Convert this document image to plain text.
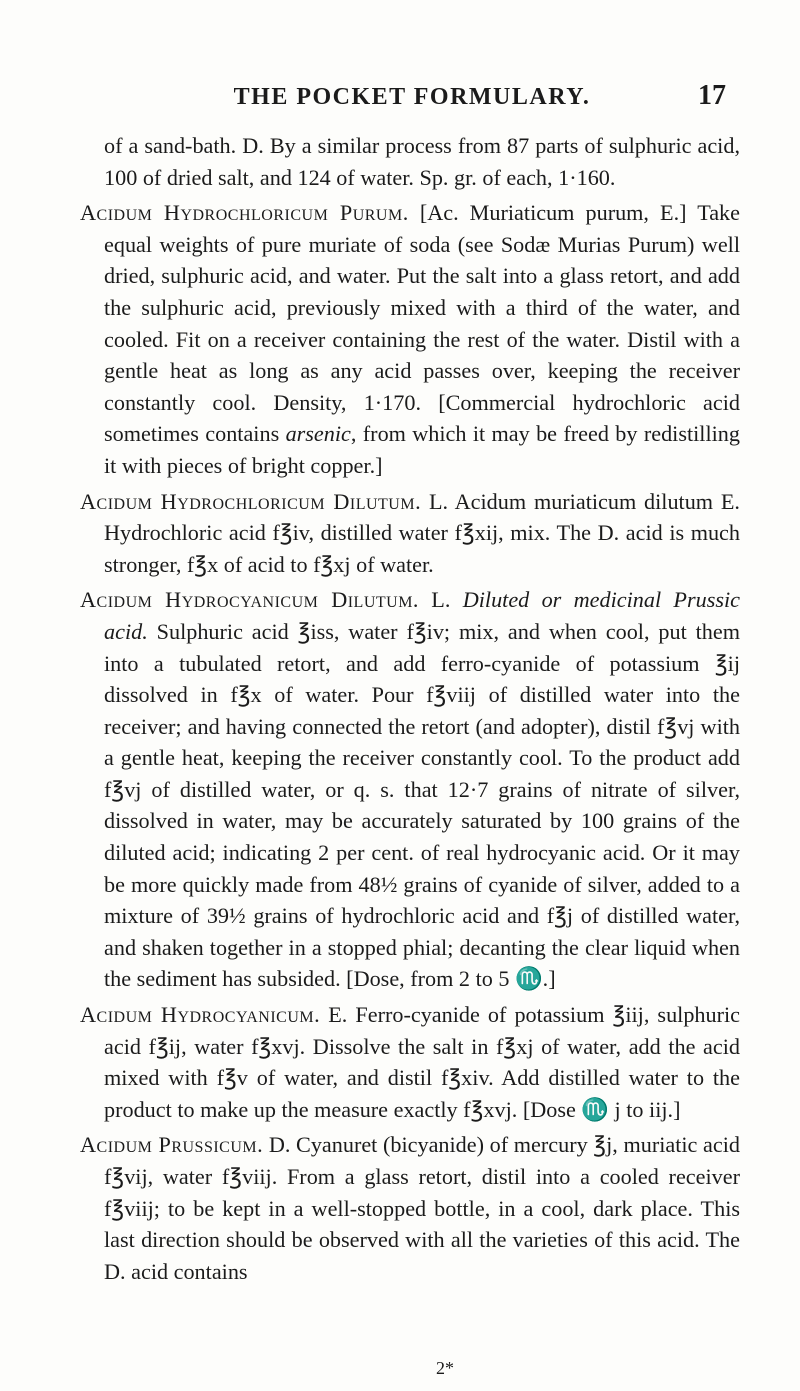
THE POCKET FORMULARY.	17

of a sand-bath. D. By a similar process from 87 parts of sulphuric acid, 100 of dried salt, and 124 of water. Sp. gr. of each, 1·160.

Acidum Hydrochloricum Purum. [Ac. Muriaticum purum, E.] Take equal weights of pure muriate of soda (see Sodæ Murias Purum) well dried, sulphuric acid, and water. Put the salt into a glass retort, and add the sulphuric acid, previously mixed with a third of the water, and cooled. Fit on a receiver containing the rest of the water. Distil with a gentle heat as long as any acid passes over, keeping the receiver constantly cool. Density, 1·170. [Commercial hydrochloric acid sometimes contains arsenic, from which it may be freed by redistilling it with pieces of bright copper.]

Acidum Hydrochloricum Dilutum. L. Acidum muriaticum dilutum E. Hydrochloric acid f℥iv, distilled water f℥xij, mix. The D. acid is much stronger, f℥x of acid to f℥xj of water.

Acidum Hydrocyanicum Dilutum. L. Diluted or medicinal Prussic acid. Sulphuric acid ℥iss, water f℥iv; mix, and when cool, put them into a tubulated retort, and add ferro-cyanide of potassium ℥ij dissolved in f℥x of water. Pour f℥viij of distilled water into the receiver; and having connected the retort (and adopter), distil f℥vj with a gentle heat, keeping the receiver constantly cool. To the product add f℥vj of distilled water, or q. s. that 12·7 grains of nitrate of silver, dissolved in water, may be accurately saturated by 100 grains of the diluted acid; indicating 2 per cent. of real hydrocyanic acid. Or it may be more quickly made from 48½ grains of cyanide of silver, added to a mixture of 39½ grains of hydrochloric acid and f℥j of distilled water, and shaken together in a stopped phial; decanting the clear liquid when the sediment has subsided. [Dose, from 2 to 5 ♏.]

Acidum Hydrocyanicum. E. Ferro-cyanide of potassium ℥iij, sulphuric acid f℥ij, water f℥xvj. Dissolve the salt in f℥xj of water, add the acid mixed with f℥v of water, and distil f℥xiv. Add distilled water to the product to make up the measure exactly f℥xvj. [Dose ♏ j to iij.]

Acidum Prussicum. D. Cyanuret (bicyanide) of mercury ℥j, muriatic acid f℥vij, water f℥viij. From a glass retort, distil into a cooled receiver f℥viij; to be kept in a well-stopped bottle, in a cool, dark place. This last direction should be observed with all the varieties of this acid. The D. acid contains

2*
